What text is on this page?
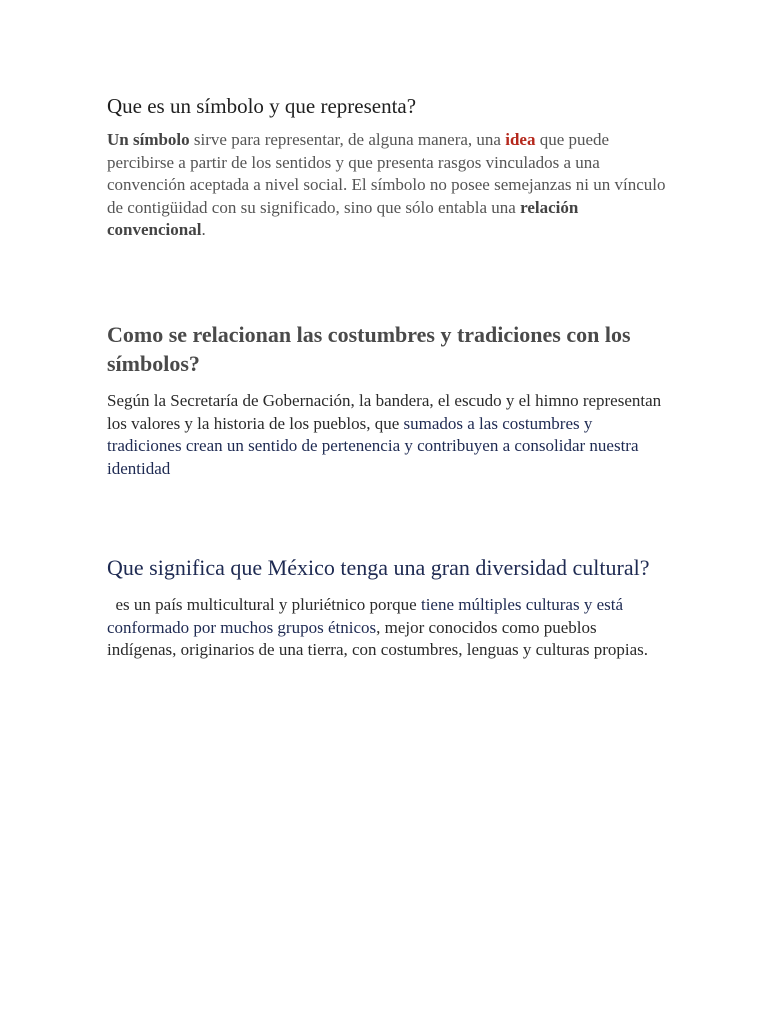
Que es un símbolo y que representa?

Un símbolo sirve para representar, de alguna manera, una idea que puede percibirse a partir de los sentidos y que presenta rasgos vinculados a una convención aceptada a nivel social. El símbolo no posee semejanzas ni un vínculo de contigüidad con su significado, sino que sólo entabla una relación convencional.

Como se relacionan las costumbres y tradiciones con los símbolos?

Según la Secretaría de Gobernación, la bandera, el escudo y el himno representan los valores y la historia de los pueblos, que sumados a las costumbres y tradiciones crean un sentido de pertenencia y contribuyen a consolidar nuestra identidad

Que significa que México tenga una gran diversidad cultural?

es un país multicultural y pluriétnico porque tiene múltiples culturas y está conformado por muchos grupos étnicos, mejor conocidos como pueblos indígenas, originarios de una tierra, con costumbres, lenguas y culturas propias.
